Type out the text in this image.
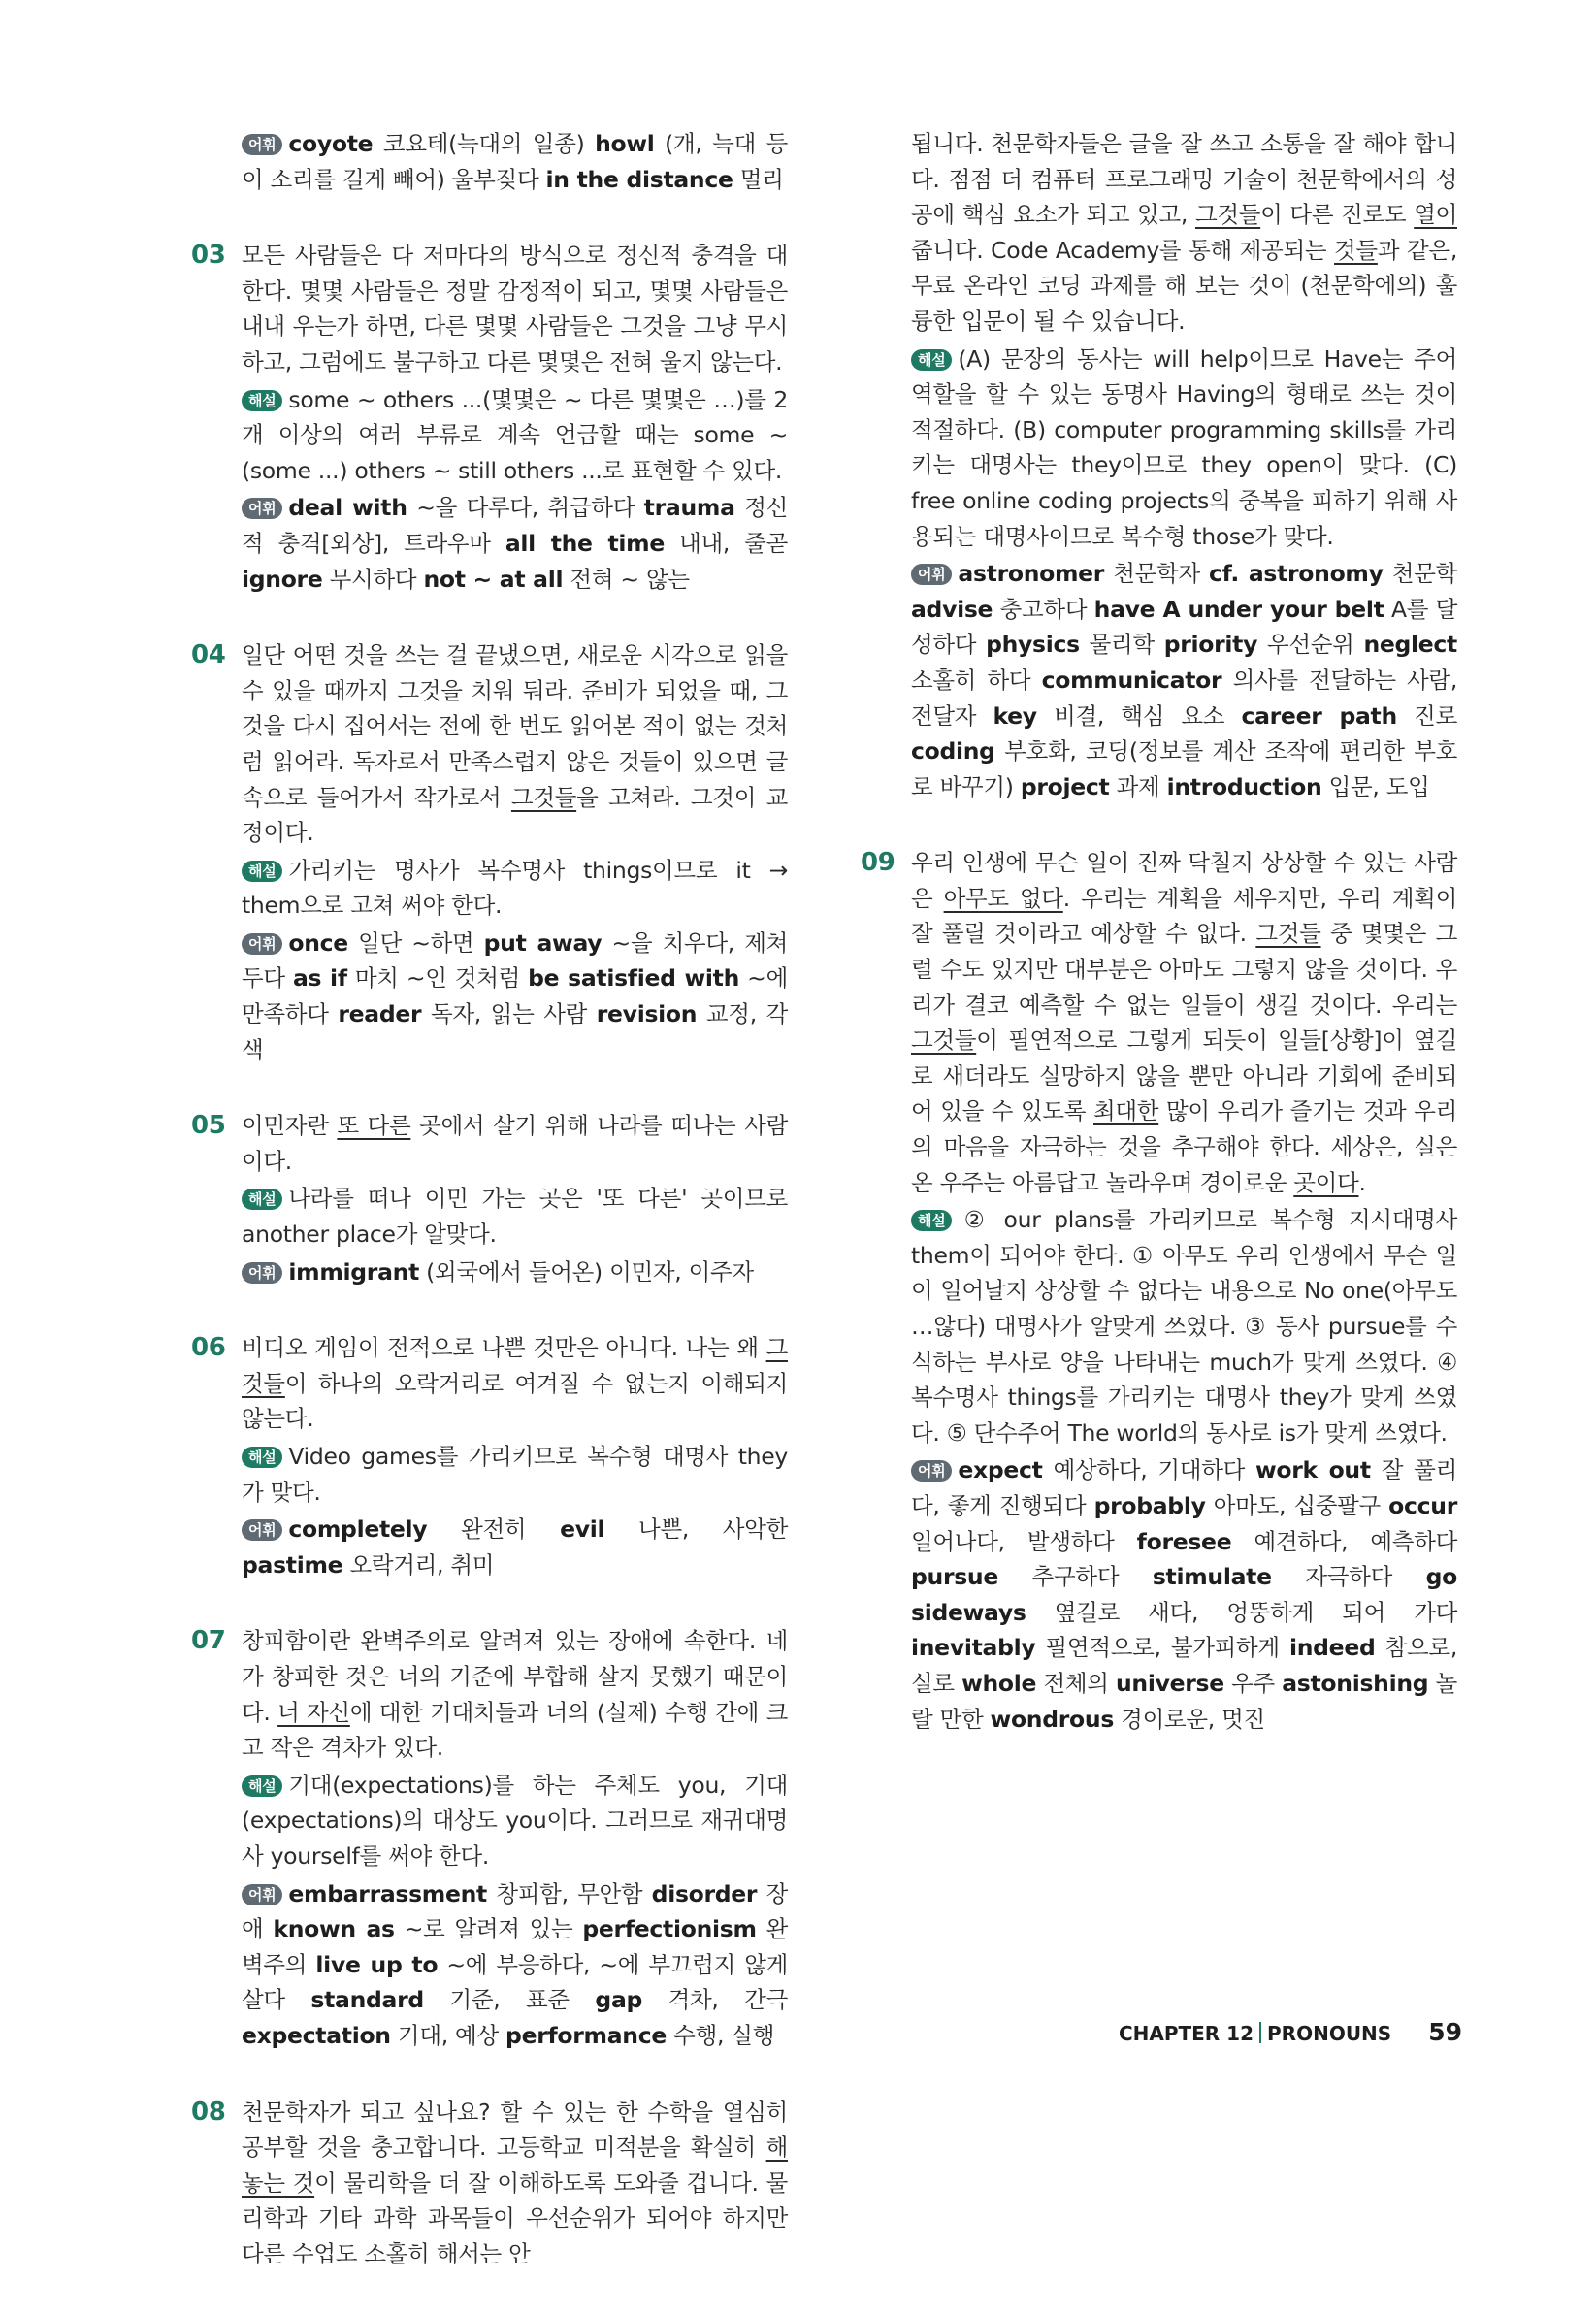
어휘 coyote 코요테(늑대의 일종) howl (개, 늑대 등이 소리를 길게 빼어) 울부짖다 in the distance 멀리
03 모든 사람들은 다 저마다의 방식으로 정신적 충격을 대한다. 몇몇 사람들은 정말 감정적이 되고, 몇몇 사람들은 내내 우는가 하면, 다른 몇몇 사람들은 그것을 그냥 무시하고, 그럼에도 불구하고 다른 몇몇은 전혀 울지 않는다.
해설 some ~ others ...(몇몇은 ~ 다른 몇몇은 …)를 2개 이상의 여러 부류로 계속 언급할 때는 some ~ (some ...) others ~ still others ...로 표현할 수 있다.
어휘 deal with ~을 다루다, 취급하다 trauma 정신적 충격[외상], 트라우마 all the time 내내, 줄곧 ignore 무시하다 not ~ at all 전혀 ~ 않는
04 일단 어떤 것을 쓰는 걸 끝냈으면, 새로운 시각으로 읽을 수 있을 때까지 그것을 치워 둬라. 준비가 되었을 때, 그것을 다시 집어서는 전에 한 번도 읽어본 적이 없는 것처럼 읽어라. 독자로서 만족스럽지 않은 것들이 있으면 글 속으로 들어가서 작가로서 그것들을 고쳐라. 그것이 교정이다.
해설 가리키는 명사가 복수명사 things이므로 it → them으로 고쳐 써야 한다.
어휘 once 일단 ~하면 put away ~을 치우다, 제쳐두다 as if 마치 ~인 것처럼 be satisfied with ~에 만족하다 reader 독자, 읽는 사람 revision 교정, 각색
05 이민자란 또 다른 곳에서 살기 위해 나라를 떠나는 사람이다.
해설 나라를 떠나 이민 가는 곳은 '또 다른' 곳이므로 another place가 알맞다.
어휘 immigrant (외국에서 들어온) 이민자, 이주자
06 비디오 게임이 전적으로 나쁜 것만은 아니다. 나는 왜 그것들이 하나의 오락거리로 여겨질 수 없는지 이해되지 않는다.
해설 Video games를 가리키므로 복수형 대명사 they가 맞다.
어휘 completely 완전히 evil 나쁜, 사악한 pastime 오락거리, 취미
07 창피함이란 완벽주의로 알려져 있는 장애에 속한다. 네가 창피한 것은 너의 기준에 부합해 살지 못했기 때문이다. 너 자신에 대한 기대치들과 너의 (실제) 수행 간에 크고 작은 격차가 있다.
해설 기대(expectations)를 하는 주체도 you, 기대(expectations)의 대상도 you이다. 그러므로 재귀대명사 yourself를 써야 한다.
어휘 embarrassment 창피함, 무안함 disorder 장애 known as ~로 알려져 있는 perfectionism 완벽주의 live up to ~에 부응하다, ~에 부끄럽지 않게 살다 standard 기준, 표준 gap 격차, 간극 expectation 기대, 예상 performance 수행, 실행
08 천문학자가 되고 싶나요? 할 수 있는 한 수학을 열심히 공부할 것을 충고합니다. 고등학교 미적분을 확실히 해 놓는 것이 물리학을 더 잘 이해하도록 도와줄 겁니다. 물리학과 기타 과학 과목들이 우선순위가 되어야 하지만 다른 수업도 소홀히 해서는 안
됩니다. 천문학자들은 글을 잘 쓰고 소통을 잘 해야 합니다. 점점 더 컴퓨터 프로그래밍 기술이 천문학에서의 성공에 핵심 요소가 되고 있고, 그것들이 다른 진로도 열어 줍니다. Code Academy를 통해 제공되는 것들과 같은, 무료 온라인 코딩 과제를 해 보는 것이 (천문학에의) 훌륭한 입문이 될 수 있습니다.
해설 (A) 문장의 동사는 will help이므로 Have는 주어 역할을 할 수 있는 동명사 Having의 형태로 쓰는 것이 적절하다. (B) computer programming skills를 가리키는 대명사는 they이므로 they open이 맞다. (C) free online coding projects의 중복을 피하기 위해 사용되는 대명사이므로 복수형 those가 맞다.
어휘 astronomer 천문학자 cf. astronomy 천문학 advise 충고하다 have A under your belt A를 달성하다 physics 물리학 priority 우선순위 neglect 소홀히 하다 communicator 의사를 전달하는 사람, 전달자 key 비결, 핵심 요소 career path 진로 coding 부호화, 코딩(정보를 계산 조작에 편리한 부호로 바꾸기) project 과제 introduction 입문, 도입
09 우리 인생에 무슨 일이 진짜 닥칠지 상상할 수 있는 사람은 아무도 없다. 우리는 계획을 세우지만, 우리 계획이 잘 풀릴 것이라고 예상할 수 없다. 그것들 중 몇몇은 그럴 수도 있지만 대부분은 아마도 그렇지 않을 것이다. 우리가 결코 예측할 수 없는 일들이 생길 것이다. 우리는 그것들이 필연적으로 그렇게 되듯이 일들[상황]이 옆길로 새더라도 실망하지 않을 뿐만 아니라 기회에 준비되어 있을 수 있도록 최대한 많이 우리가 즐기는 것과 우리의 마음을 자극하는 것을 추구해야 한다. 세상은, 실은 온 우주는 아름답고 놀라우며 경이로운 곳이다.
해설 ② our plans를 가리키므로 복수형 지시대명사 them이 되어야 한다. ① 아무도 우리 인생에서 무슨 일이 일어날지 상상할 수 없다는 내용으로 No one(아무도 …않다) 대명사가 알맞게 쓰였다. ③ 동사 pursue를 수식하는 부사로 양을 나타내는 much가 맞게 쓰였다. ④ 복수명사 things를 가리키는 대명사 they가 맞게 쓰였다. ⑤ 단수주어 The world의 동사로 is가 맞게 쓰였다.
어휘 expect 예상하다, 기대하다 work out 잘 풀리다, 좋게 진행되다 probably 아마도, 십중팔구 occur 일어나다, 발생하다 foresee 예견하다, 예측하다 pursue 추구하다 stimulate 자극하다 go sideways 옆길로 새다, 엉뚱하게 되어 가다 inevitably 필연적으로, 불가피하게 indeed 참으로, 실로 whole 전체의 universe 우주 astonishing 놀랄 만한 wondrous 경이로운, 멋진
CHAPTER 12 PRONOUNS 59
